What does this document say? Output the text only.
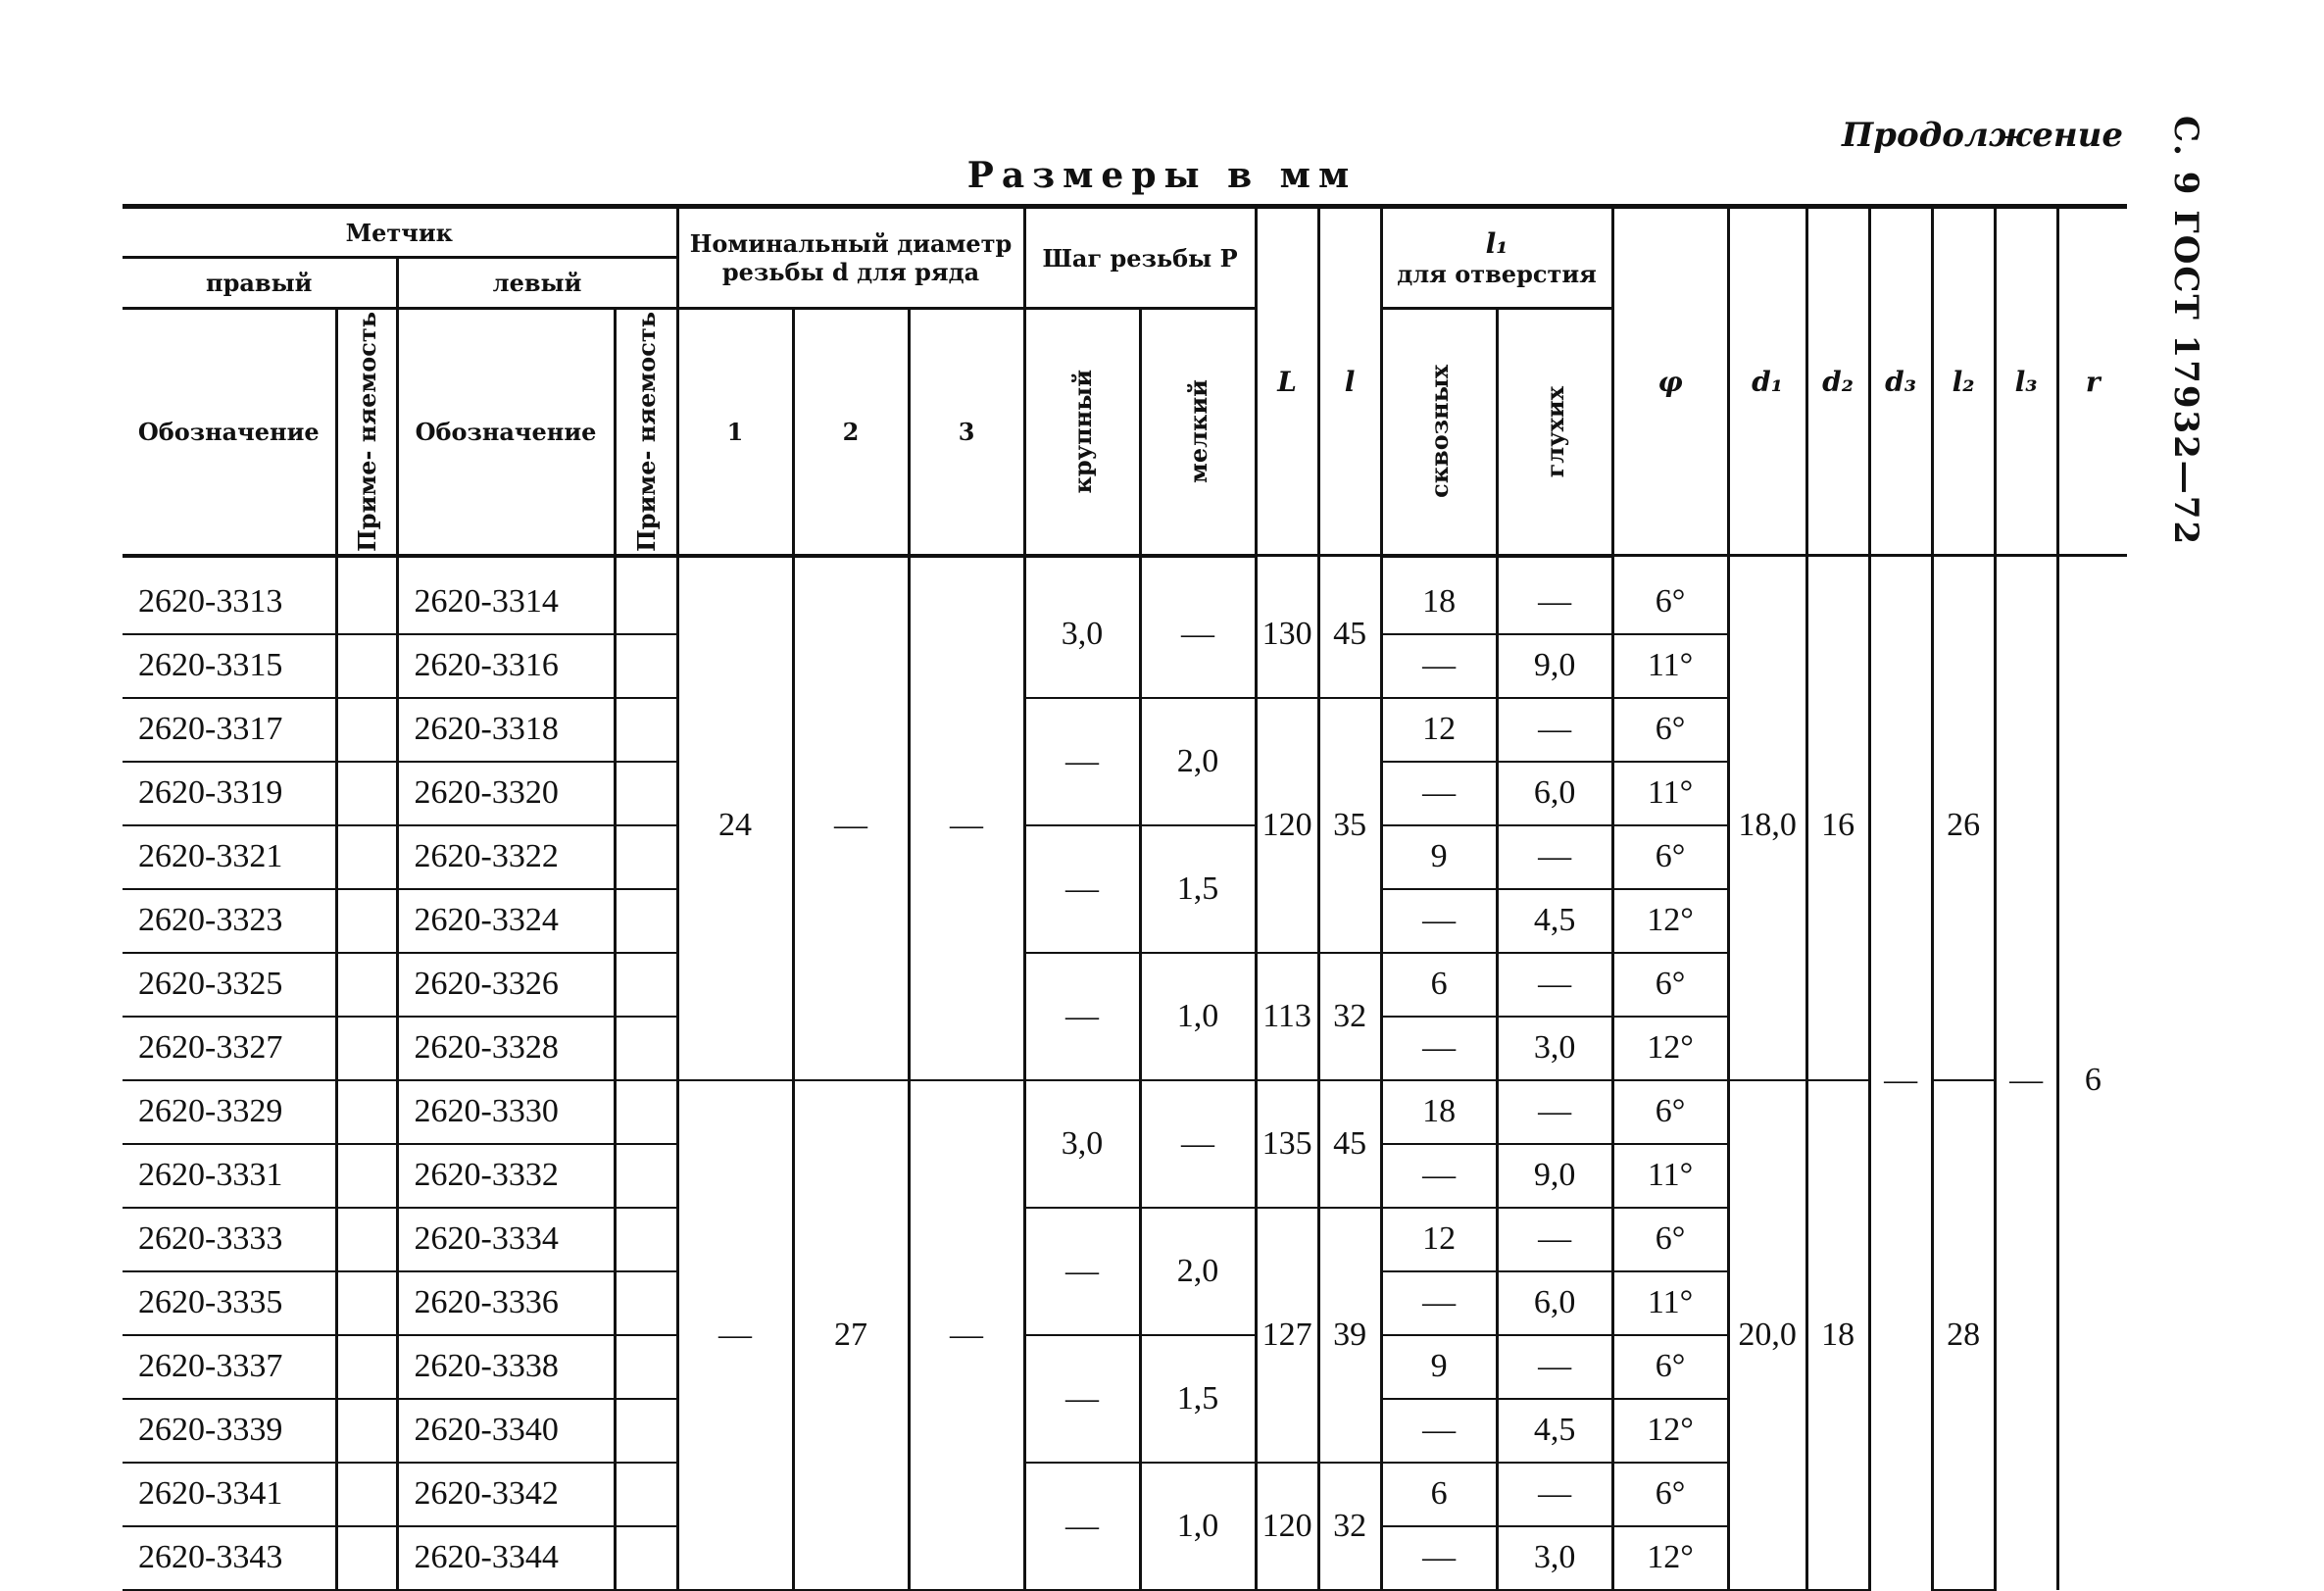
Продолжение С. 9 ГОСТ 17932—72
Размеры в мм
Метчик				Номинальный диаметр резьбы d для ряда			Шаг резьбы P		L	l	l₁
для отверстия		φ	d₁	d₂	d₃	l₂	l₃	r
правый		левый																	
Обозначение	Приме- няемость	Обозначение	Приме- няемость	1	2	3	крупный	мелкий			сквозных	глухих							

2620-3313		2620-3314		24	—	—	3,0	—	130	45	18	—	6°	18,0	16	—	26	—	6
2620-3315		2620-3316									—	9,0	11°						
2620-3317		2620-3318					—	2,0	120	35	12	—	6°						
2620-3319		2620-3320									—	6,0	11°						
2620-3321		2620-3322					—	1,5			9	—	6°						
2620-3323		2620-3324									—	4,5	12°						
2620-3325		2620-3326					—	1,0	113	32	6	—	6°						
2620-3327		2620-3328									—	3,0	12°						
2620-3329		2620-3330		—	27	—	3,0	—	135	45	18	—	6°	20,0	18		28		
2620-3331		2620-3332									—	9,0	11°						
2620-3333		2620-3334					—	2,0	127	39	12	—	6°						
2620-3335		2620-3336									—	6,0	11°						
2620-3337		2620-3338					—	1,5			9	—	6°						
2620-3339		2620-3340									—	4,5	12°						
2620-3341		2620-3342					—	1,0	120	32	6	—	6°						
2620-3343		2620-3344									—	3,0	12°						
